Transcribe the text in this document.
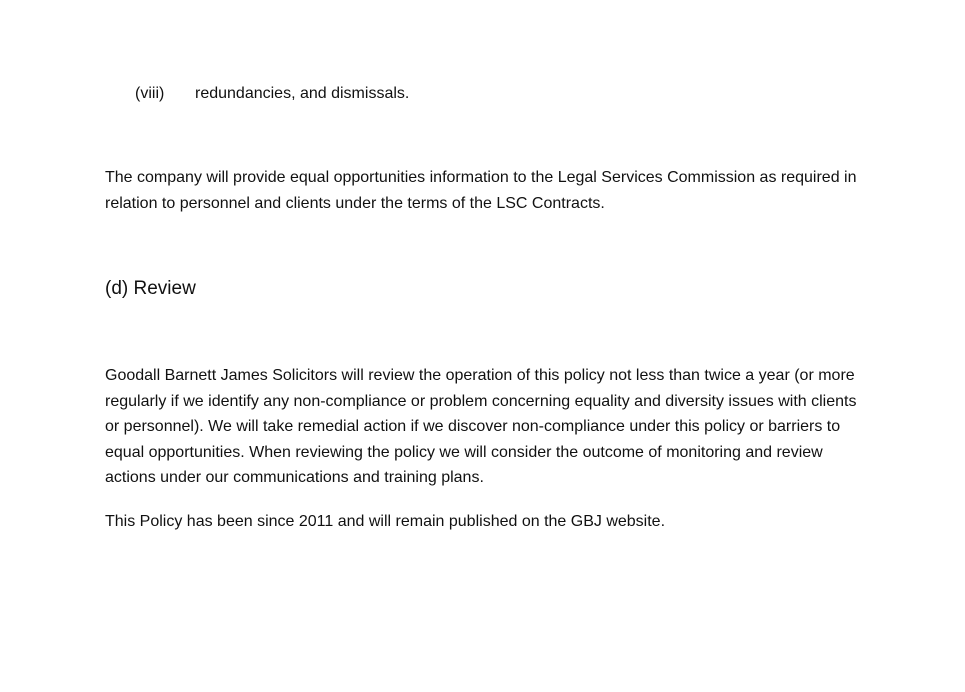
(viii) redundancies, and dismissals.

The company will provide equal opportunities information to the Legal Services Commission as required in relation to personnel and clients under the terms of the LSC Contracts.

(d) Review

Goodall Barnett James Solicitors will review the operation of this policy not less than twice a year (or more regularly if we identify any non-compliance or problem concerning equality and diversity issues with clients or personnel). We will take remedial action if we discover non-compliance under this policy or barriers to equal opportunities. When reviewing the policy we will consider the outcome of monitoring and review actions under our communications and training plans.

This Policy has been since 2011 and will remain published on the GBJ website.
